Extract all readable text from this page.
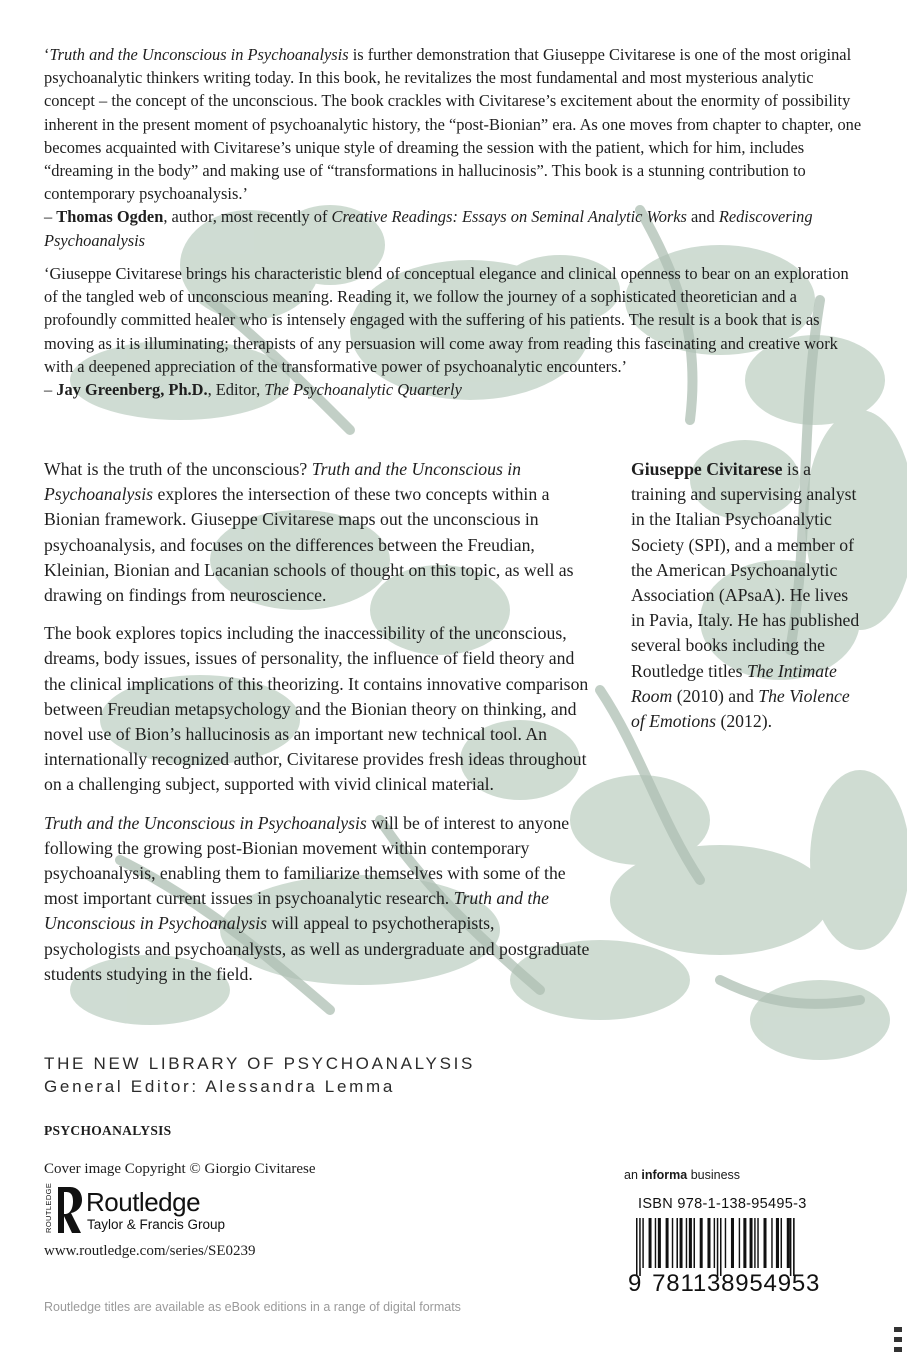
‘Truth and the Unconscious in Psychoanalysis is further demonstration that Giuseppe Civitarese is one of the most original psychoanalytic thinkers writing today. In this book, he revitalizes the most fundamental and most mysterious analytic concept – the concept of the unconscious. The book crackles with Civitarese’s excitement about the enormity of possibility inherent in the present moment of psychoanalytic history, the “post-Bionian” era. As one moves from chapter to chapter, one becomes acquainted with Civitarese’s unique style of dreaming the session with the patient, which for him, includes “dreaming in the body” and making use of “transformations in hallucinosis”. This book is a stunning contribution to contemporary psychoanalysis.’

– Thomas Ogden, author, most recently of Creative Readings: Essays on Seminal Analytic Works and Rediscovering Psychoanalysis

‘Giuseppe Civitarese brings his characteristic blend of conceptual elegance and clinical openness to bear on an exploration of the tangled web of unconscious meaning. Reading it, we follow the journey of a sophisticated theoretician and a profoundly committed healer who is intensely engaged with the suffering of his patients. The result is a book that is as moving as it is illuminating; therapists of any persuasion will come away from reading this fascinating and creative work with a deepened appreciation of the transformative power of psychoanalytic encounters.’

– Jay Greenberg, Ph.D., Editor, The Psychoanalytic Quarterly

What is the truth of the unconscious? Truth and the Unconscious in Psychoanalysis explores the intersection of these two concepts within a Bionian framework. Giuseppe Civitarese maps out the unconscious in psychoanalysis, and focuses on the differences between the Freudian, Kleinian, Bionian and Lacanian schools of thought on this topic, as well as drawing on findings from neuroscience.

The book explores topics including the inaccessibility of the unconscious, dreams, body issues, issues of personality, the influence of field theory and the clinical implications of this theorizing. It contains innovative comparison between Freudian metapsychology and the Bionian theory on thinking, and novel use of Bion’s hallucinosis as an important new technical tool. An internationally recognized author, Civitarese provides fresh ideas throughout on a challenging subject, supported with vivid clinical material.

Truth and the Unconscious in Psychoanalysis will be of interest to anyone following the growing post-Bionian movement within contemporary psychoanalysis, enabling them to familiarize themselves with some of the most important current issues in psychoanalytic research. Truth and the Unconscious in Psychoanalysis will appeal to psychotherapists, psychologists and psychoanalysts, as well as undergraduate and postgraduate students studying in the field.

Giuseppe Civitarese is a training and supervising analyst in the Italian Psychoanalytic Society (SPI), and a member of the American Psychoanalytic Association (APsaA). He lives in Pavia, Italy. He has published several books including the Routledge titles The Intimate Room (2010) and The Violence of Emotions (2012).
THE NEW LIBRARY OF PSYCHOANALYSIS
General Editor: Alessandra Lemma
PSYCHOANALYSIS
Cover image Copyright © Giorgio Civitarese
ROUTLEDGE Routledge
Taylor & Francis Group
www.routledge.com/series/SE0239
Routledge titles are available as eBook editions in a range of digital formats
an informa business
ISBN 978-1-138-95495-3
9 781138954953
